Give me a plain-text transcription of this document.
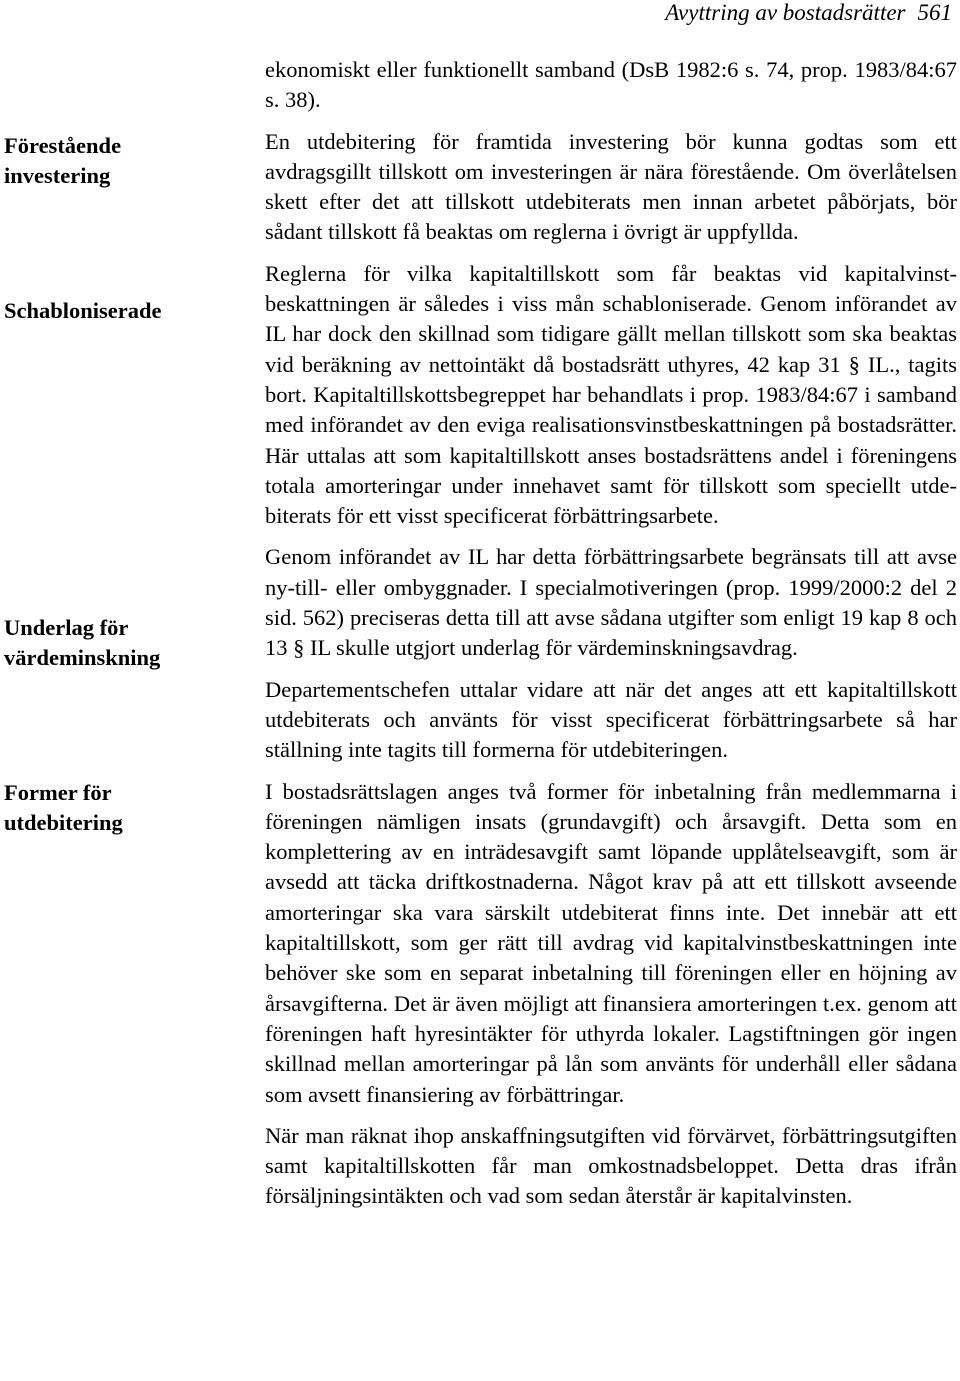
Avyttring av bostadsrätter 561
Förestående
investering
Schabloniserade
Underlag för
värdeminskning
Former för
utdebitering

ekonomiskt eller funktionellt samband (DsB 1982:6 s. 74, prop. 1983/84:67 s. 38).

En utdebitering för framtida investering bör kunna godtas som ett avdragsgillt tillskott om investeringen är nära förestående. Om överlåtelsen skett efter det att tillskott utdebiterats men innan arbetet påbörjats, bör sådant tillskott få beaktas om reglerna i övrigt är uppfyllda.

Reglerna för vilka kapitaltillskott som får beaktas vid kapitalvinstbeskattningen är således i viss mån schabloniserade. Genom införandet av IL har dock den skillnad som tidigare gällt mellan tillskott som ska beaktas vid beräkning av nettointäkt då bostadsrätt uthyres, 42 kap 31 § IL., tagits bort. Kapitaltillskottsbegreppet har behandlats i prop. 1983/84:67 i samband med införandet av den eviga realisationsvinstbeskattningen på bostadsrätter. Här uttalas att som kapitaltillskott anses bostadsrättens andel i föreningens totala amorteringar under innehavet samt för tillskott som speciellt utdebiterats för ett visst specificerat förbättringsarbete.

Genom införandet av IL har detta förbättringsarbete begränsats till att avse ny-till- eller ombyggnader. I specialmotiveringen (prop. 1999/2000:2 del 2 sid. 562) preciseras detta till att avse sådana utgifter som enligt 19 kap 8 och 13 § IL skulle utgjort underlag för värdeminskningsavdrag.

Departementschefen uttalar vidare att när det anges att ett kapitaltillskott utdebiterats och använts för visst specificerat förbättringsarbete så har ställning inte tagits till formerna för utdebiteringen.

I bostadsrättslagen anges två former för inbetalning från medlemmarna i föreningen nämligen insats (grundavgift) och årsavgift. Detta som en komplettering av en inträdesavgift samt löpande upplåtelseavgift, som är avsedd att täcka driftkostnaderna. Något krav på att ett tillskott avseende amorteringar ska vara särskilt utdebiterat finns inte. Det innebär att ett kapitaltillskott, som ger rätt till avdrag vid kapitalvinstbeskattningen inte behöver ske som en separat inbetalning till föreningen eller en höjning av årsavgifterna. Det är även möjligt att finansiera amorteringen t.ex. genom att föreningen haft hyresintäkter för uthyrda lokaler. Lagstiftningen gör ingen skillnad mellan amorteringar på lån som använts för underhåll eller sådana som avsett finansiering av förbättringar.

När man räknat ihop anskaffningsutgiften vid förvärvet, förbättringsutgiften samt kapitaltillskotten får man omkostnadsbeloppet. Detta dras ifrån försäljningsintäkten och vad som sedan återstår är kapitalvinsten.
